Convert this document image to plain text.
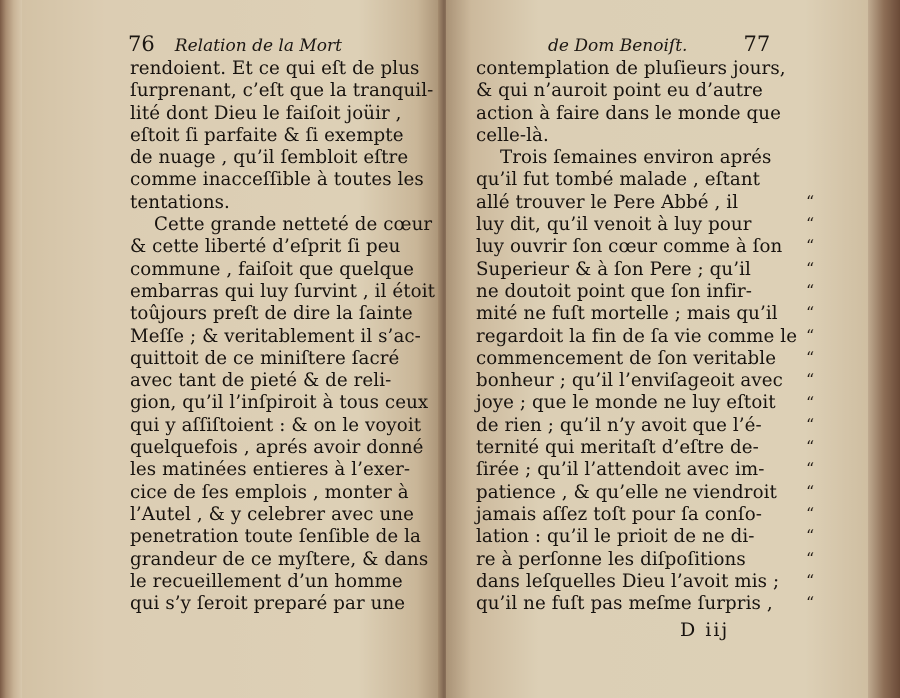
76 Relation de la Mort
rendoient. Et ce qui eſt de plus
ſurprenant, c’eſt que la tranquil-
lité dont Dieu le faiſoit joüir ,
eſtoit ſi parfaite & ſi exempte
de nuage , qu’il ſembloit eſtre
comme inacceſſible à toutes les
tentations.
Cette grande netteté de cœur
& cette liberté d’eſprit ſi peu
commune , faiſoit que quelque
embarras qui luy ſurvint , il étoit
toûjours preſt de dire la ſainte
Meſſe ; & veritablement il s’ac-
quittoit de ce miniſtere ſacré
avec tant de pieté & de reli-
gion, qu’il l’inſpiroit à tous ceux
qui y aſſiſtoient : & on le voyoit
quelquefois , aprés avoir donné
les matinées entieres à l’exer-
cice de ſes emplois , monter à
l’Autel , & y celebrer avec une
penetration toute ſenſible de la
grandeur de ce myſtere, & dans
le recueillement d’un homme
qui s’y ſeroit preparé par une
de Dom Benoiſt.	77
contemplation de pluſieurs jours,
& qui n’auroit point eu d’autre
action à faire dans le monde que
celle-là.
Trois ſemaines environ aprés
qu’il fut tombé malade , eſtant
allé trouver le Pere Abbé , il	“
luy dit, qu’il venoit à luy pour	“
luy ouvrir ſon cœur comme à ſon	“
Superieur & à ſon Pere ; qu’il	“
ne doutoit point que ſon infir-	“
mité ne fuſt mortelle ; mais qu’il	“
regardoit la fin de ſa vie comme le “
commencement de ſon veritable	“
bonheur ; qu’il l’enviſageoit avec	“
joye ; que le monde ne luy eſtoit	“
de rien ; qu’il n’y avoit que l’é-	“
ternité qui meritaſt d’eſtre de-	“
ſirée ; qu’il l’attendoit avec im-	“
patience , & qu’elle ne viendroit	“
jamais aſſez toſt pour ſa conſo-	“
lation : qu’il le prioit de ne di-	“
re à perſonne les diſpoſitions	“
dans leſquelles Dieu l’avoit mis ;	“
qu’il ne fuſt pas meſme ſurpris ,	“
D iij
